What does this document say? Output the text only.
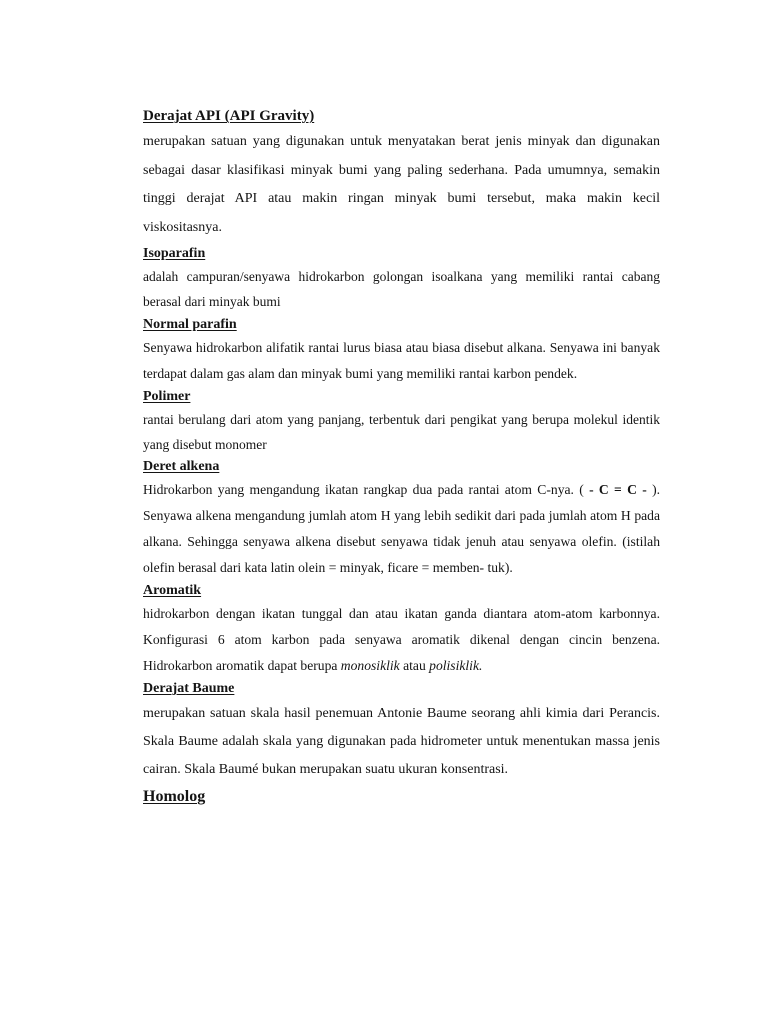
Derajat API (API Gravity)

merupakan satuan yang digunakan untuk menyatakan berat jenis minyak dan digunakan sebagai dasar klasifikasi minyak bumi yang paling sederhana. Pada umumnya, semakin tinggi derajat API atau makin ringan minyak bumi tersebut, maka makin kecil viskositasnya.

Isoparafin

adalah campuran/senyawa hidrokarbon golongan isoalkana yang memiliki rantai cabang berasal dari minyak bumi

Normal parafin

Senyawa hidrokarbon alifatik rantai lurus biasa atau biasa disebut alkana. Senyawa ini banyak terdapat dalam gas alam dan minyak bumi yang memiliki rantai karbon pendek.

Polimer

rantai berulang dari atom yang panjang, terbentuk dari pengikat yang berupa molekul identik yang disebut monomer

Deret alkena

Hidrokarbon yang mengandung ikatan rangkap dua pada rantai atom C-nya. ( - C = C - ). Senyawa alkena mengandung jumlah atom H yang lebih sedikit dari pada jumlah atom H pada alkana. Sehingga senyawa alkena disebut senyawa tidak jenuh atau senyawa olefin. (istilah olefin berasal dari kata latin olein = minyak, ficare = memben- tuk).

Aromatik

hidrokarbon dengan ikatan tunggal dan atau ikatan ganda diantara atom-atom karbonnya. Konfigurasi 6 atom karbon pada senyawa aromatik dikenal dengan cincin benzena. Hidrokarbon aromatik dapat berupa monosiklik atau polisiklik.

Derajat Baume

merupakan satuan skala hasil penemuan Antonie Baume seorang ahli kimia dari Perancis. Skala Baume adalah skala yang digunakan pada hidrometer untuk menentukan massa jenis cairan. Skala Baumé bukan merupakan suatu ukuran konsentrasi.

Homolog
